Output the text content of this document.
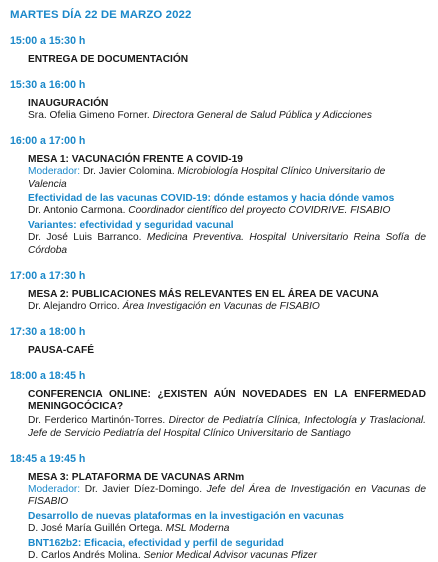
MARTES DÍA 22 DE MARZO 2022
15:00 a 15:30 h
ENTREGA DE DOCUMENTACIÓN
15:30 a 16:00 h
INAUGURACIÓN
Sra. Ofelia Gimeno Forner. Directora General de Salud Pública y Adicciones
16:00 a 17:00 h
MESA 1: VACUNACIÓN FRENTE A COVID-19
Moderador: Dr. Javier Colomina. Microbiología Hospital Clínico Universitario de Valencia
Efectividad de las vacunas COVID-19: dónde estamos y hacia dónde vamos
Dr. Antonio Carmona. Coordinador científico del proyecto COVIDRIVE. FISABIO
Variantes: efectividad y seguridad vacunal
Dr. José Luis Barranco. Medicina Preventiva. Hospital Universitario Reina Sofía de Córdoba
17:00 a 17:30 h
MESA 2: PUBLICACIONES MÁS RELEVANTES EN EL ÁREA DE VACUNA
Dr. Alejandro Orrico. Área Investigación en Vacunas de FISABIO
17:30 a 18:00 h
PAUSA-CAFÉ
18:00 a 18:45 h
CONFERENCIA ONLINE: ¿EXISTEN AÚN NOVEDADES EN LA ENFERMEDAD MENINGOCÓCICA?
Dr. Ferderico Martinón-Torres. Director de Pediatría Clínica, Infectología y Traslacional. Jefe de Servicio Pediatría del Hospital Clínico Universitario de Santiago
18:45 a 19:45 h
MESA 3: PLATAFORMA DE VACUNAS ARNm
Moderador: Dr. Javier Díez-Domingo. Jefe del Área de Investigación en Vacunas de FISABIO
Desarrollo de nuevas plataformas en la investigación en vacunas
D. José María Guillén Ortega. MSL Moderna
BNT162b2: Eficacia, efectividad y perfil de seguridad
D. Carlos Andrés Molina. Senior Medical Advisor vacunas Pfizer
